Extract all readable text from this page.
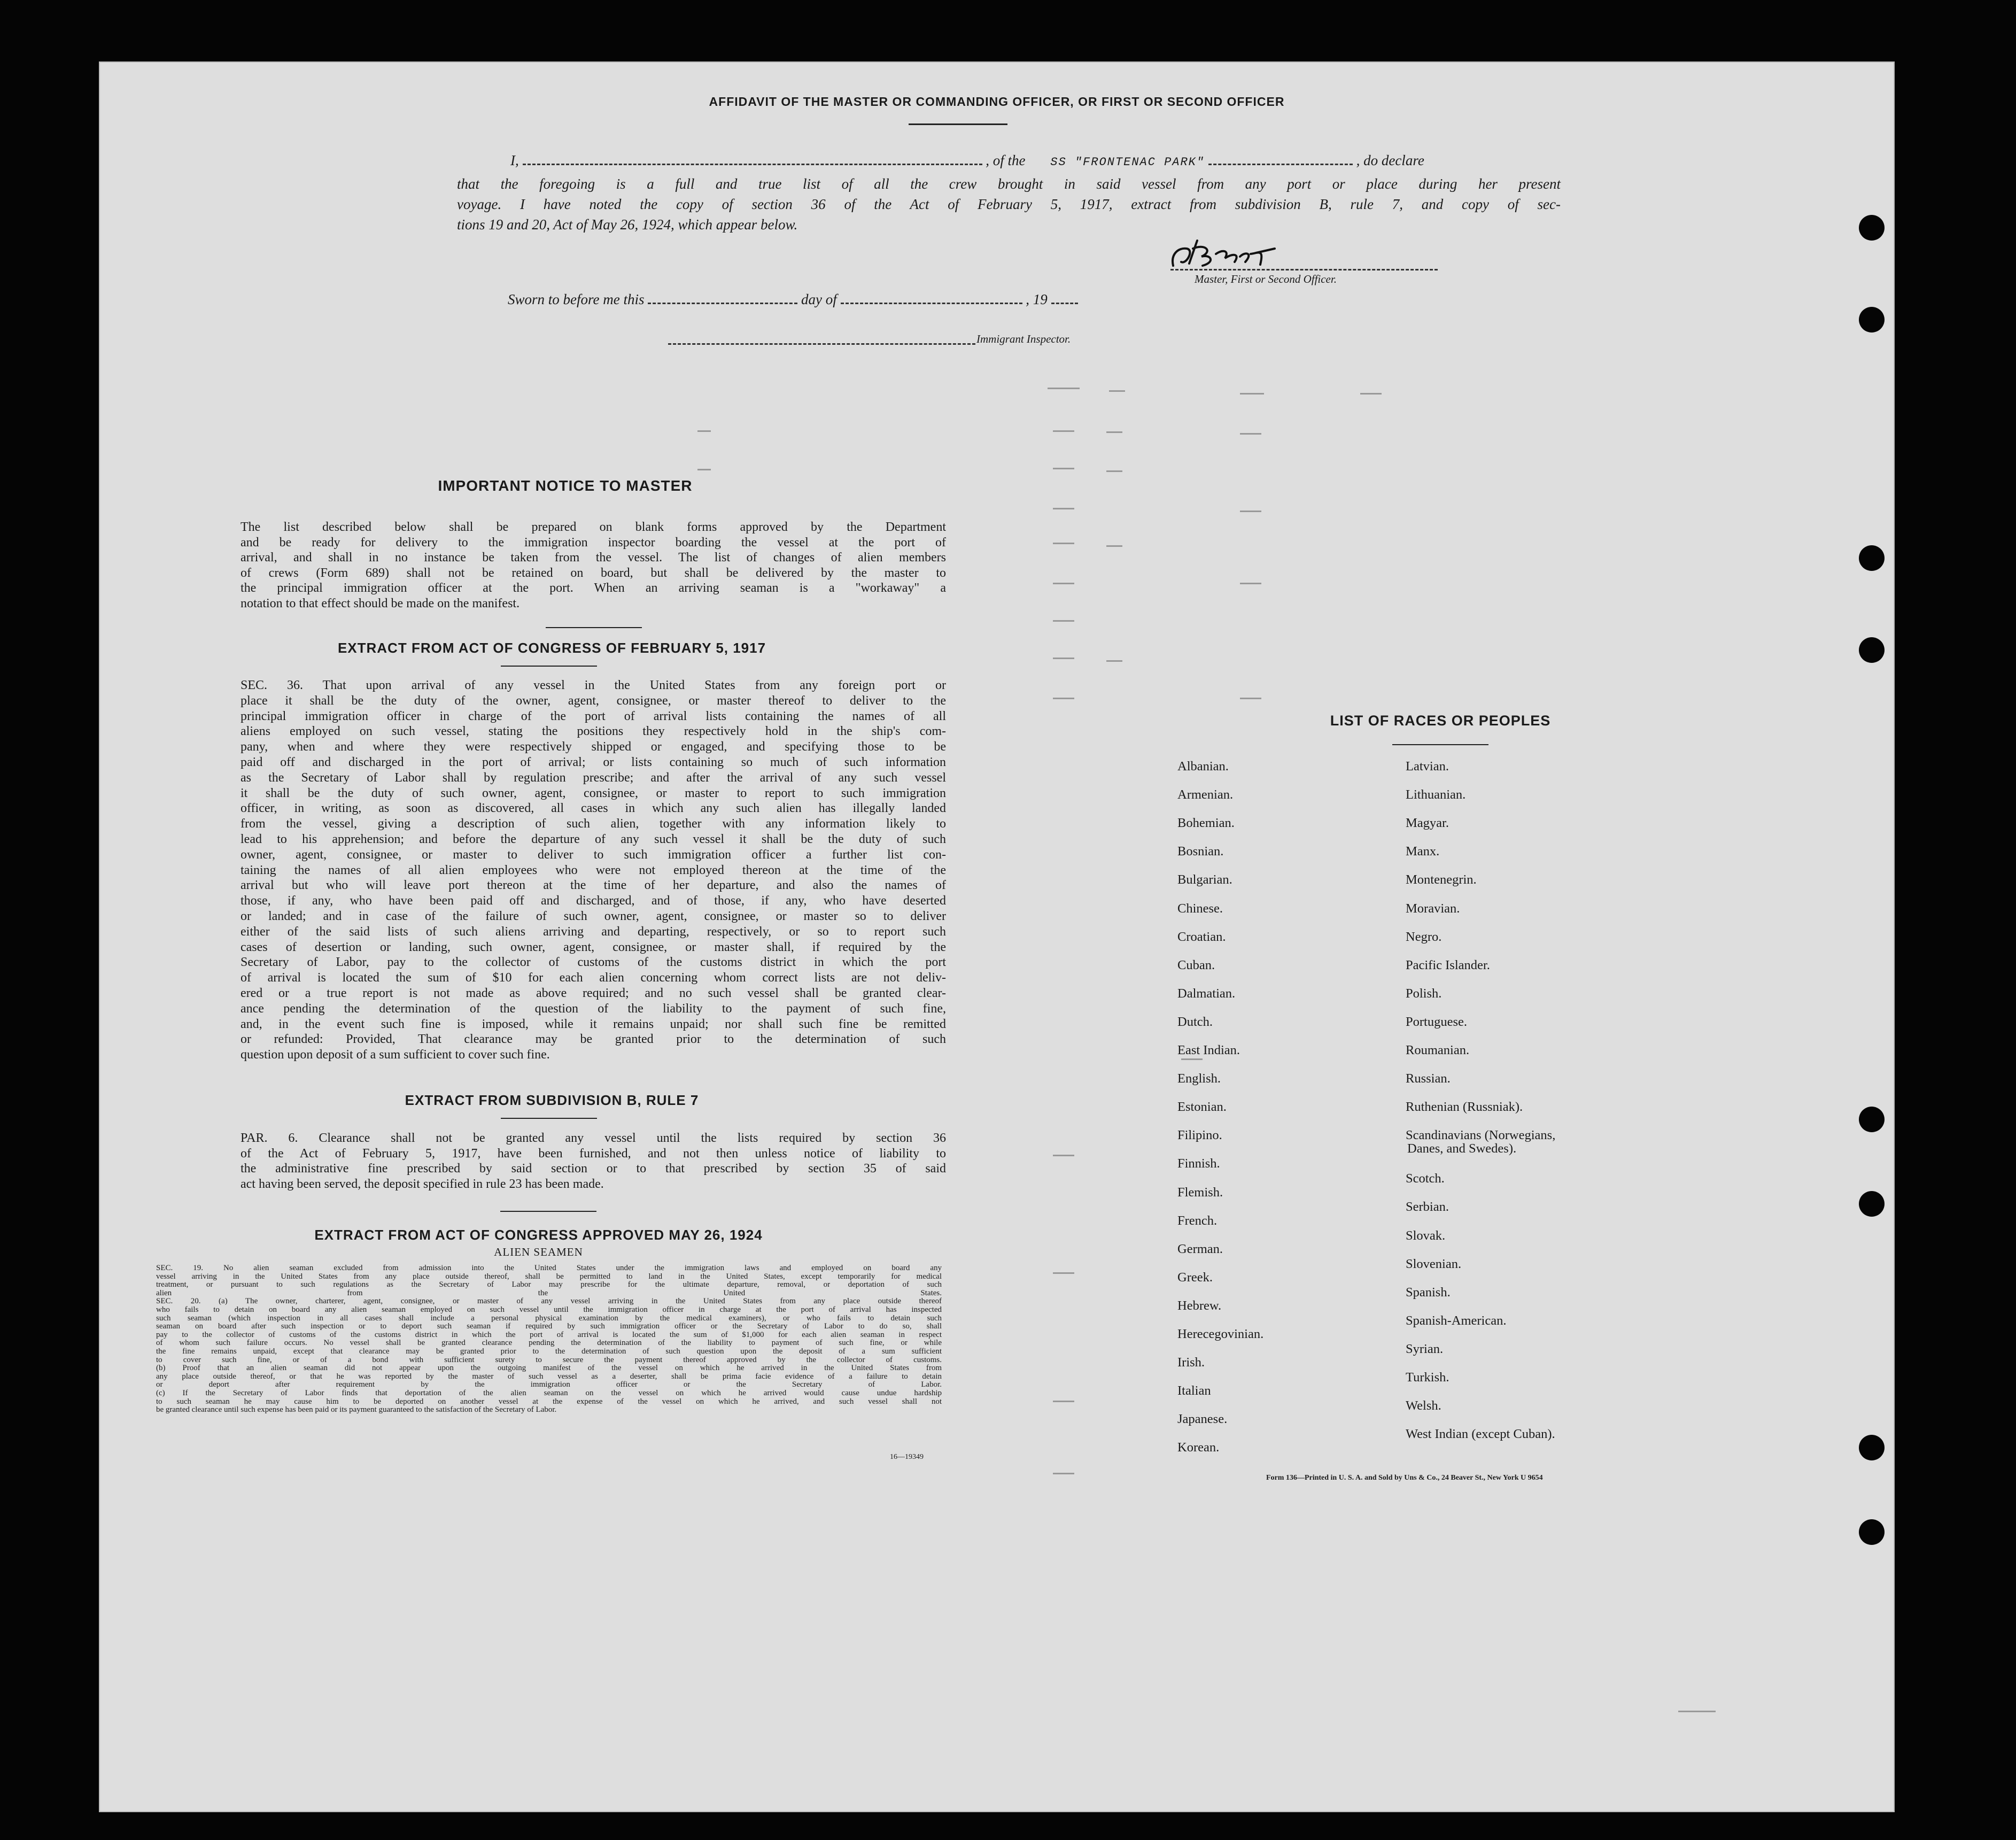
AFFIDAVIT OF THE MASTER OR COMMANDING OFFICER, OR FIRST OR SECOND OFFICER
I,	, of the SS "FRONTENAC PARK"	, do declare
that the foregoing is a full and true list of all the crew brought in said vessel from any port or place during her present
voyage. I have noted the copy of section 36 of the Act of February 5, 1917, extract from subdivision B, rule 7, and copy of sec-
tions 19 and 20, Act of May 26, 1924, which appear below.
Master, First or Second Officer.
Sworn to before me this	day of	, 19
Immigrant Inspector.
IMPORTANT NOTICE TO MASTER
The list described below shall be prepared on blank forms approved by the Department
and be ready for delivery to the immigration inspector boarding the vessel at the port of
arrival, and shall in no instance be taken from the vessel. The list of changes of alien members
of crews (Form 689) shall not be retained on board, but shall be delivered by the master to
the principal immigration officer at the port. When an arriving seaman is a "workaway" a
notation to that effect should be made on the manifest.
EXTRACT FROM ACT OF CONGRESS OF FEBRUARY 5, 1917
SEC. 36. That upon arrival of any vessel in the United States from any foreign port or
place it shall be the duty of the owner, agent, consignee, or master thereof to deliver to the
principal immigration officer in charge of the port of arrival lists containing the names of all
aliens employed on such vessel, stating the positions they respectively hold in the ship's com-
pany, when and where they were respectively shipped or engaged, and specifying those to be
paid off and discharged in the port of arrival; or lists containing so much of such information
as the Secretary of Labor shall by regulation prescribe; and after the arrival of any such vessel
it shall be the duty of such owner, agent, consignee, or master to report to such immigration
officer, in writing, as soon as discovered, all cases in which any such alien has illegally landed
from the vessel, giving a description of such alien, together with any information likely to
lead to his apprehension; and before the departure of any such vessel it shall be the duty of such
owner, agent, consignee, or master to deliver to such immigration officer a further list con-
taining the names of all alien employees who were not employed thereon at the time of the
arrival but who will leave port thereon at the time of her departure, and also the names of
those, if any, who have been paid off and discharged, and of those, if any, who have deserted
or landed; and in case of the failure of such owner, agent, consignee, or master so to deliver
either of the said lists of such aliens arriving and departing, respectively, or so to report such
cases of desertion or landing, such owner, agent, consignee, or master shall, if required by the
Secretary of Labor, pay to the collector of customs of the customs district in which the port
of arrival is located the sum of $10 for each alien concerning whom correct lists are not deliv-
ered or a true report is not made as above required; and no such vessel shall be granted clear-
ance pending the determination of the question of the liability to the payment of such fine,
and, in the event such fine is imposed, while it remains unpaid; nor shall such fine be remitted
or refunded: Provided, That clearance may be granted prior to the determination of such
question upon deposit of a sum sufficient to cover such fine.
EXTRACT FROM SUBDIVISION B, RULE 7
PAR. 6. Clearance shall not be granted any vessel until the lists required by section 36
of the Act of February 5, 1917, have been furnished, and not then unless notice of liability to
the administrative fine prescribed by said section or to that prescribed by section 35 of said
act having been served, the deposit specified in rule 23 has been made.
EXTRACT FROM ACT OF CONGRESS APPROVED MAY 26, 1924
ALIEN SEAMEN
SEC. 19. No alien seaman excluded from admission into the United States under the immigration laws and employed on board any
vessel arriving in the United States from any place outside thereof, shall be permitted to land in the United States, except temporarily for medical
treatment, or pursuant to such regulations as the Secretary of Labor may prescribe for the ultimate departure, removal, or deportation of such
alien from the United States.
SEC. 20. (a) The owner, charterer, agent, consignee, or master of any vessel arriving in the United States from any place outside thereof
who fails to detain on board any alien seaman employed on such vessel until the immigration officer in charge at the port of arrival has inspected
such seaman (which inspection in all cases shall include a personal physical examination by the medical examiners), or who fails to detain such
seaman on board after such inspection or to deport such seaman if required by such immigration officer or the Secretary of Labor to do so, shall
pay to the collector of customs of the customs district in which the port of arrival is located the sum of $1,000 for each alien seaman in respect
of whom such failure occurs. No vessel shall be granted clearance pending the determination of the liability to payment of such fine, or while
the fine remains unpaid, except that clearance may be granted prior to the determination of such question upon the deposit of a sum sufficient
to cover such fine, or of a bond with sufficient surety to secure the payment thereof approved by the collector of customs.
(b) Proof that an alien seaman did not appear upon the outgoing manifest of the vessel on which he arrived in the United States from
any place outside thereof, or that he was reported by the master of such vessel as a deserter, shall be prima facie evidence of a failure to detain
or deport after requirement by the immigration officer or the Secretary of Labor.
(c) If the Secretary of Labor finds that deportation of the alien seaman on the vessel on which he arrived would cause undue hardship
to such seaman he may cause him to be deported on another vessel at the expense of the vessel on which he arrived, and such vessel shall not
be granted clearance until such expense has been paid or its payment guaranteed to the satisfaction of the Secretary of Labor.
16—19349
LIST OF RACES OR PEOPLES
Albanian.
Armenian.
Bohemian.
Bosnian.
Bulgarian.
Chinese.
Croatian.
Cuban.
Dalmatian.
Dutch.
East Indian.
English.
Estonian.
Filipino.
Finnish.
Flemish.
French.
German.
Greek.
Hebrew.
Herecegovinian.
Irish.
Italian
Japanese.
Korean.
Latvian.
Lithuanian.
Magyar.
Manx.
Montenegrin.
Moravian.
Negro.
Pacific Islander.
Polish.
Portuguese.
Roumanian.
Russian.
Ruthenian (Russniak).
Scandinavians (Norwegians,
Danes, and Swedes).
Scotch.
Serbian.
Slovak.
Slovenian.
Spanish.
Spanish-American.
Syrian.
Turkish.
Welsh.
West Indian (except Cuban).
Form 136—Printed in U. S. A. and Sold by Uns & Co., 24 Beaver St., New York U 9654
